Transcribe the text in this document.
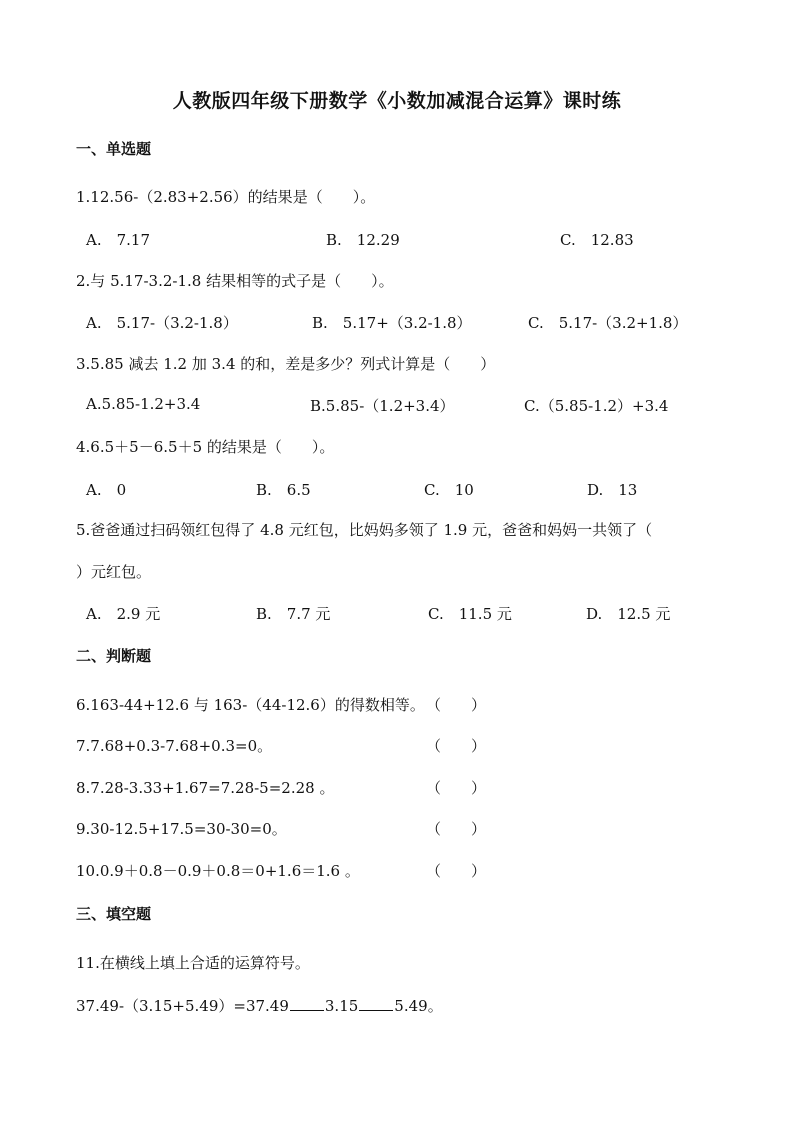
人教版四年级下册数学《小数加减混合运算》课时练
一、单选题
1.12.56-（2.83+2.56）的结果是（　　）。
A.　7.17	B.　12.29	C.　12.83
2.与 5.17-3.2-1.8 结果相等的式子是（　　）。
A.　5.17-（3.2-1.8）	B.　5.17+（3.2-1.8）	C.　5.17-（3.2+1.8）
3.5.85 减去 1.2 加 3.4 的和，差是多少？列式计算是（　　）
A.5.85-1.2+3.4	B.5.85-（1.2+3.4）	C.（5.85-1.2）+3.4
4.6.5＋5－6.5＋5 的结果是（　　）。
A.　0	B.　6.5	C.　10	D.　13
5.爸爸通过扫码领红包得了 4.8 元红包，比妈妈多领了 1.9 元，爸爸和妈妈一共领了（
）元红包。
A.　2.9 元	B.　7.7 元	C.　11.5 元	D.　12.5 元
二、判断题
6.163-44+12.6 与 163-（44-12.6）的得数相等。 （　　）
7.7.68+0.3-7.68+0.3=0。	（　　）
8.7.28-3.33+1.67=7.28-5=2.28 。	（　　）
9.30-12.5+17.5=30-30=0。	（　　）
10.0.9＋0.8－0.9＋0.8＝0+1.6＝1.6 。	（　　）
三、填空题
11.在横线上填上合适的运算符号。
37.49-（3.15+5.49）=37.49 3.15 5.49。
